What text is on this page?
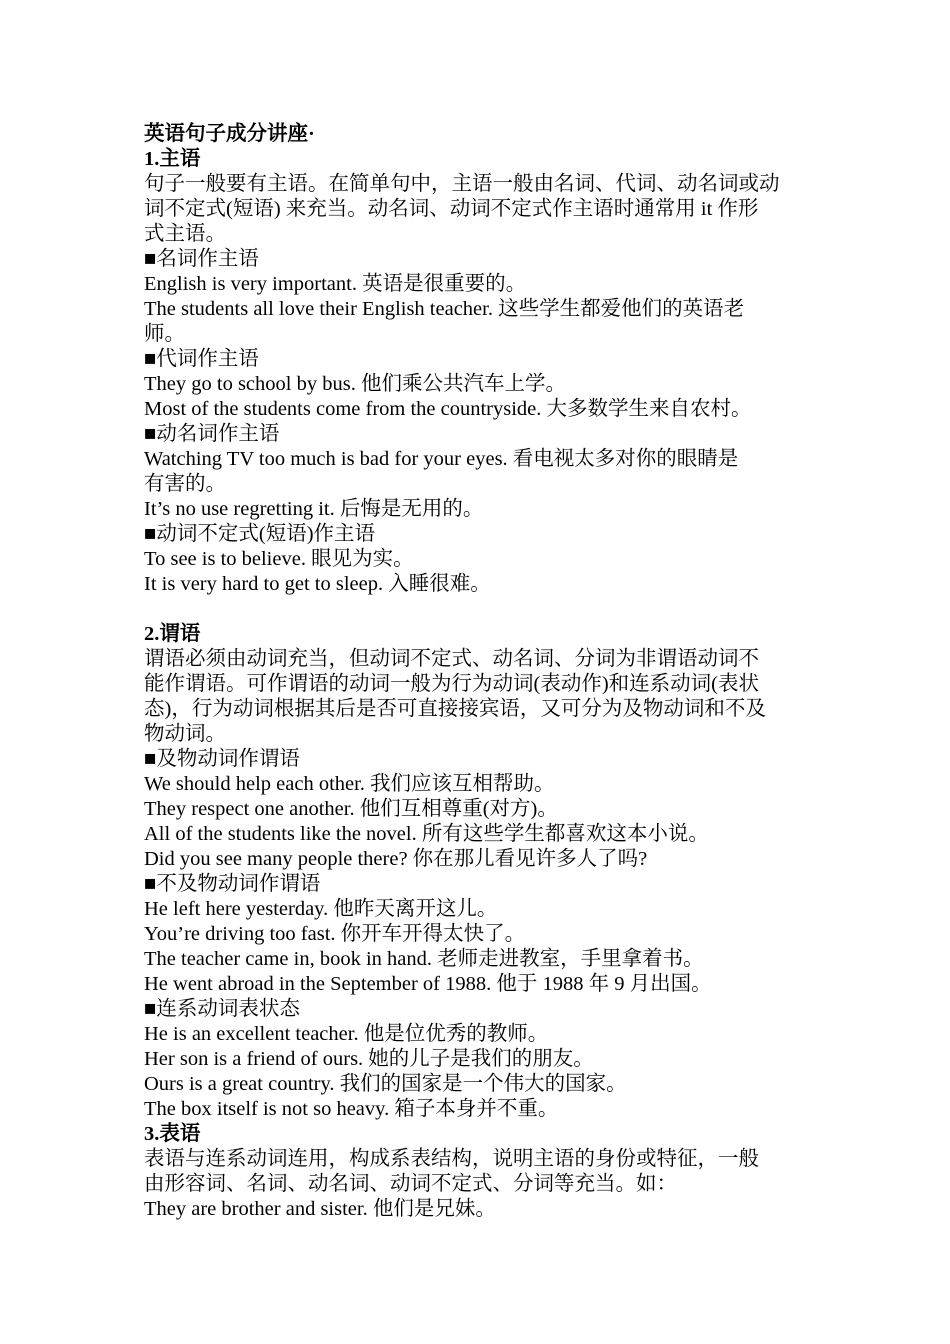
英语句子成分讲座·
1.主语
句子一般要有主语。在简单句中，主语一般由名词、代词、动名词或动
词不定式(短语) 来充当。动名词、动词不定式作主语时通常用 it 作形
式主语。
■名词作主语
English is very important. 英语是很重要的。
The students all love their English teacher. 这些学生都爱他们的英语老
师。
■代词作主语
They go to school by bus. 他们乘公共汽车上学。
Most of the students come from the countryside. 大多数学生来自农村。
■动名词作主语
Watching TV too much is bad for your eyes. 看电视太多对你的眼睛是
有害的。
It’s no use regretting it. 后悔是无用的。
■动词不定式(短语)作主语
To see is to believe. 眼见为实。
It is very hard to get to sleep. 入睡很难。
2.谓语
谓语必须由动词充当，但动词不定式、动名词、分词为非谓语动词不
能作谓语。可作谓语的动词一般为行为动词(表动作)和连系动词(表状
态)，行为动词根据其后是否可直接接宾语，又可分为及物动词和不及
物动词。
■及物动词作谓语
We should help each other. 我们应该互相帮助。
They respect one another. 他们互相尊重(对方)。
All of the students like the novel. 所有这些学生都喜欢这本小说。
Did you see many people there? 你在那儿看见许多人了吗?
■不及物动词作谓语
He left here yesterday. 他昨天离开这儿。
You’re driving too fast. 你开车开得太快了。
The teacher came in, book in hand. 老师走进教室，手里拿着书。
He went abroad in the September of 1988. 他于 1988 年 9 月出国。
■连系动词表状态
He is an excellent teacher. 他是位优秀的教师。
Her son is a friend of ours. 她的儿子是我们的朋友。
Ours is a great country. 我们的国家是一个伟大的国家。
The box itself is not so heavy. 箱子本身并不重。
3.表语
表语与连系动词连用，构成系表结构，说明主语的身份或特征，一般
由形容词、名词、动名词、动词不定式、分词等充当。如：
They are brother and sister. 他们是兄妹。
